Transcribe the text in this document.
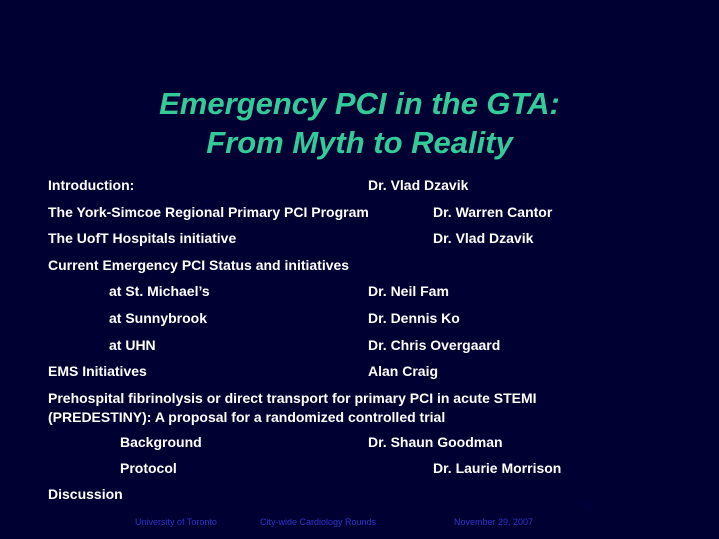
Emergency PCI in the GTA:
From Myth to Reality
Introduction:	Dr. Vlad Dzavik
The York-Simcoe Regional Primary PCI Program	Dr. Warren Cantor
The UofT Hospitals initiative	Dr. Vlad Dzavik
Current Emergency PCI Status and initiatives
at St. Michael’s	Dr. Neil Fam
at Sunnybrook	Dr. Dennis Ko
at UHN	Dr. Chris Overgaard
EMS Initiatives	Alan Craig
Prehospital fibrinolysis or direct transport for primary PCI in acute STEMI
(PREDESTINY): A proposal for a randomized controlled trial
Background	Dr. Shaun Goodman
Protocol	Dr. Laurie Morrison
Discussion
1
University of Toronto	City-wide Cardiology Rounds	November 29, 2007
